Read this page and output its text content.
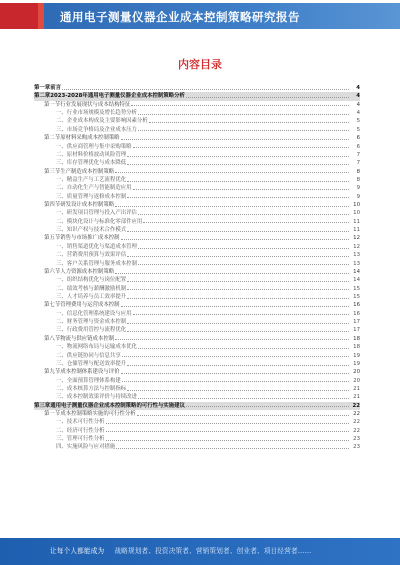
通用电子测量仪器企业成本控制策略研究报告
内容目录
第一章 前言	4
第二章 2023-2028年通用电子测量仪器企业成本控制策略分析	4
第一节 行业发展现状与成本结构特征	4
一、 行业市场规模及增长趋势分析	4
二、 企业成本构成及主要影响因素分析	5
三、 市场竞争格局及企业成本压力	5
第二节 原材料采购成本控制策略	6
一、 供应商管理与集中采购策略	6
二、 原材料价格波动风险管理	7
三、 库存管理优化与成本降低	7
第三节 生产制造成本控制策略	8
一、 精益生产与工艺流程优化	8
二、 自动化生产与智能制造应用	9
三、 质量管理与返修成本控制	9
第四节 研发设计成本控制策略	10
一、 研发项目管理与投入产出评估	10
二、 模块化设计与标准化零部件应用	11
三、 知识产权与技术合作模式	11
第五节 销售与市场推广成本控制	12
一、 销售渠道优化与渠道成本管理	12
二、 营销费用预算与效果评估	13
三、 客户关系管理与服务成本控制	13
第六节 人力资源成本控制策略	14
一、 组织结构优化与岗位配置	14
二、 绩效考核与薪酬激励机制	15
三、 人才培养与员工效率提升	15
第七节 管理费用与运营成本控制	16
一、 信息化管理系统建设与应用	16
二、 财务管理与资金成本控制	17
三、 行政费用管控与流程优化	17
第八节 物流与供应链成本控制	18
一、 物流网络布局与运输成本优化	18
二、 供应链协同与信息共享	19
三、 仓储管理与配送效率提升	19
第九节 成本控制体系建设与评价	20
一、 全面预算管理体系构建	20
二、 成本核算方法与控制指标	21
三、 成本控制效果评价与持续改进	21
第三章 通用电子测量仪器企业成本控制策略的可行性与实施建议	22
第一节 成本控制策略实施的可行性分析	22
一、 技术可行性分析	22
二、 经济可行性分析	22
三、 管理可行性分析	23
四、 实施风险与应对措施	23
让每个人都能成为 战略规划者、投资决策者、营销策划者、创业者、项目经营者……
